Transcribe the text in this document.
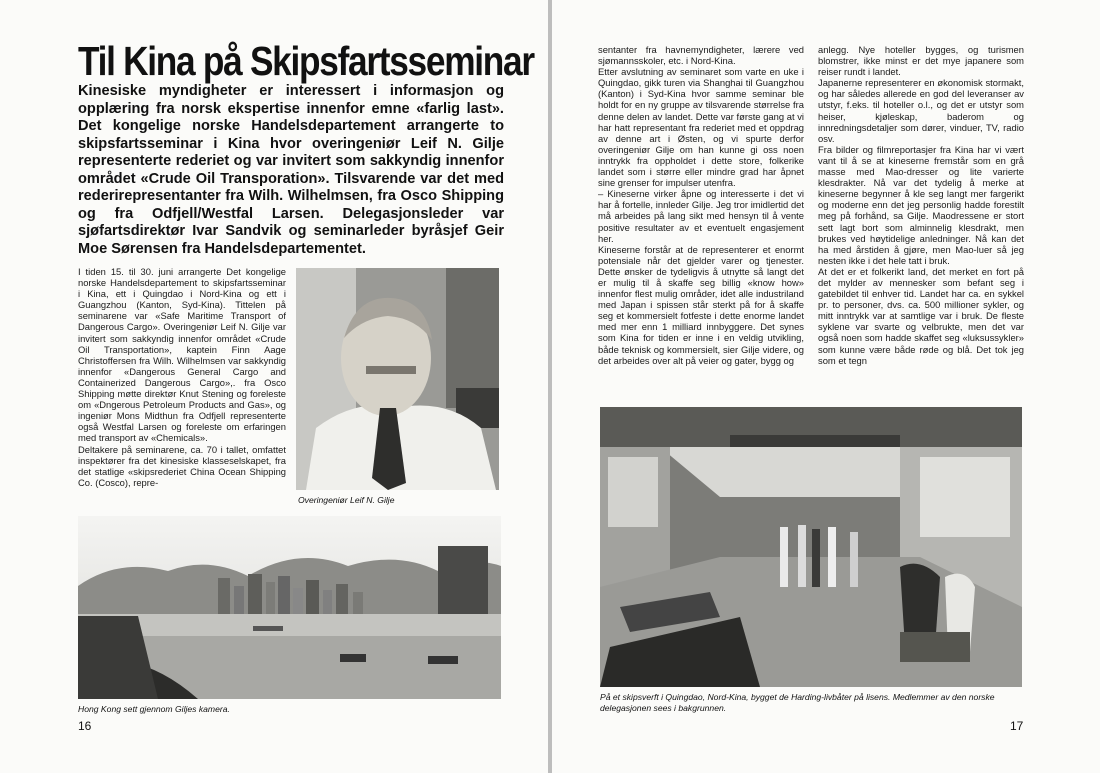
Til Kina på Skipsfartsseminar

Kinesiske myndigheter er interessert i informasjon og opplæring fra norsk ekspertise innenfor emne «farlig last». Det kongelige norske Handelsdepartement arrangerte to skipsfartsseminar i Kina hvor overingeniør Leif N. Gilje representerte rederiet og var invitert som sakkyndig innenfor området «Crude Oil Transporation». Tilsvarende var det med rederirepresentanter fra Wilh. Wilhelmsen, fra Osco Shipping og fra Odfjell/Westfal Larsen. Delegasjonsleder var sjøfartsdirektør Ivar Sandvik og seminarleder byråsjef Geir Moe Sørensen fra Handelsdepartementet.

I tiden 15. til 30. juni arrangerte Det kongelige norske Handelsdepartement to skipsfartsseminar i Kina, ett i Quingdao i Nord-Kina og ett i Guangzhou (Kanton, Syd-Kina). Tittelen på seminarene var «Safe Maritime Transport of Dangerous Cargo». Overingeniør Leif N. Gilje var invitert som sakkyndig innenfor området «Crude Oil Transportation», kaptein Finn Aage Christoffersen fra Wilh. Wilhelmsen var sakkyndig innenfor «Dangerous General Cargo and Containerized Dangerous Cargo»,. fra Osco Shipping møtte direktør Knut Stening og foreleste om «Dngerous Petroleum Products and Gas», og ingeniør Mons Midthun fra Odfjell representerte også Westfal Larsen og foreleste om erfaringen med transport av «Chemicals».
Deltakere på seminarene, ca. 70 i tallet, omfattet inspektører fra det kinesiske klasseselskapet, fra det statlige «skipsrederiet China Ocean Shipping Co. (Cosco), repre-

Overingeniør Leif N. Gilje

Hong Kong sett gjennom Giljes kamera.

16

sentanter fra havnemyndigheter, lærere ved sjømannsskoler, etc. i Nord-Kina.
Etter avslutning av seminaret som varte en uke i Quingdao, gikk turen via Shanghai til Guangzhou (Kanton) i Syd-Kina hvor samme seminar ble holdt for en ny gruppe av tilsvarende størrelse fra denne delen av landet. Dette var første gang at vi har hatt representant fra rederiet med et oppdrag av denne art i Østen, og vi spurte derfor overingeniør Gilje om han kunne gi oss noen inntrykk fra oppholdet i dette store, folkerike landet som i større eller mindre grad har åpnet sine grenser for impulser utenfra.
– Kineserne virker åpne og interesserte i det vi har å fortelle, innleder Gilje. Jeg tror imidlertid det må arbeides på lang sikt med hensyn til å vente positive resultater av et eventuelt engasjement her.
Kineserne forstår at de representerer et enormt potensiale når det gjelder varer og tjenester. Dette ønsker de tydeligvis å utnytte så langt det er mulig til å skaffe seg billig «know how» innenfor flest mulig områder, idet alle industriland med Japan i spissen står sterkt på for å skaffe seg et kommersielt fotfeste i dette enorme landet med mer enn 1 milliard innbyggere. Det synes som Kina for tiden er inne i en veldig utvikling, både teknisk og kommersielt, sier Gilje videre, og det arbeides over alt på veier og gater, bygg og

anlegg. Nye hoteller bygges, og turismen blomstrer, ikke minst er det mye japanere som reiser rundt i landet.
Japanerne representerer en økonomisk stormakt, og har således allerede en god del leveranser av utstyr, f.eks. til hoteller o.l., og det er utstyr som heiser, kjøleskap, baderom og innredningsdetaljer som dører, vinduer, TV, radio osv.
Fra bilder og filmreportasjer fra Kina har vi vært vant til å se at kineserne fremstår som en grå masse med Mao-dresser og lite varierte klesdrakter. Nå var det tydelig å merke at kineserne begynner å kle seg langt mer fargerikt og moderne enn det jeg personlig hadde forestilt meg på forhånd, sa Gilje. Maodressene er stort sett lagt bort som alminnelig klesdrakt, men brukes ved høytidelige anledninger. Nå kan det ha med årstiden å gjøre, men Mao-luer så jeg nesten ikke i det hele tatt i bruk.
At det er et folkerikt land, det merket en fort på det mylder av mennesker som befant seg i gatebildet til enhver tid. Landet har ca. en sykkel pr. to personer, dvs. ca. 500 millioner sykler, og mitt inntrykk var at samtlige var i bruk. De fleste syklene var svarte og velbrukte, men det var også noen som hadde skaffet seg «luksussykler» som kunne være både røde og blå. Det tok jeg som et tegn

På et skipsverft i Quingdao, Nord-Kina, bygget de Harding-livbåter på lisens. Medlemmer av den norske delegasjonen sees i bakgrunnen.

17
